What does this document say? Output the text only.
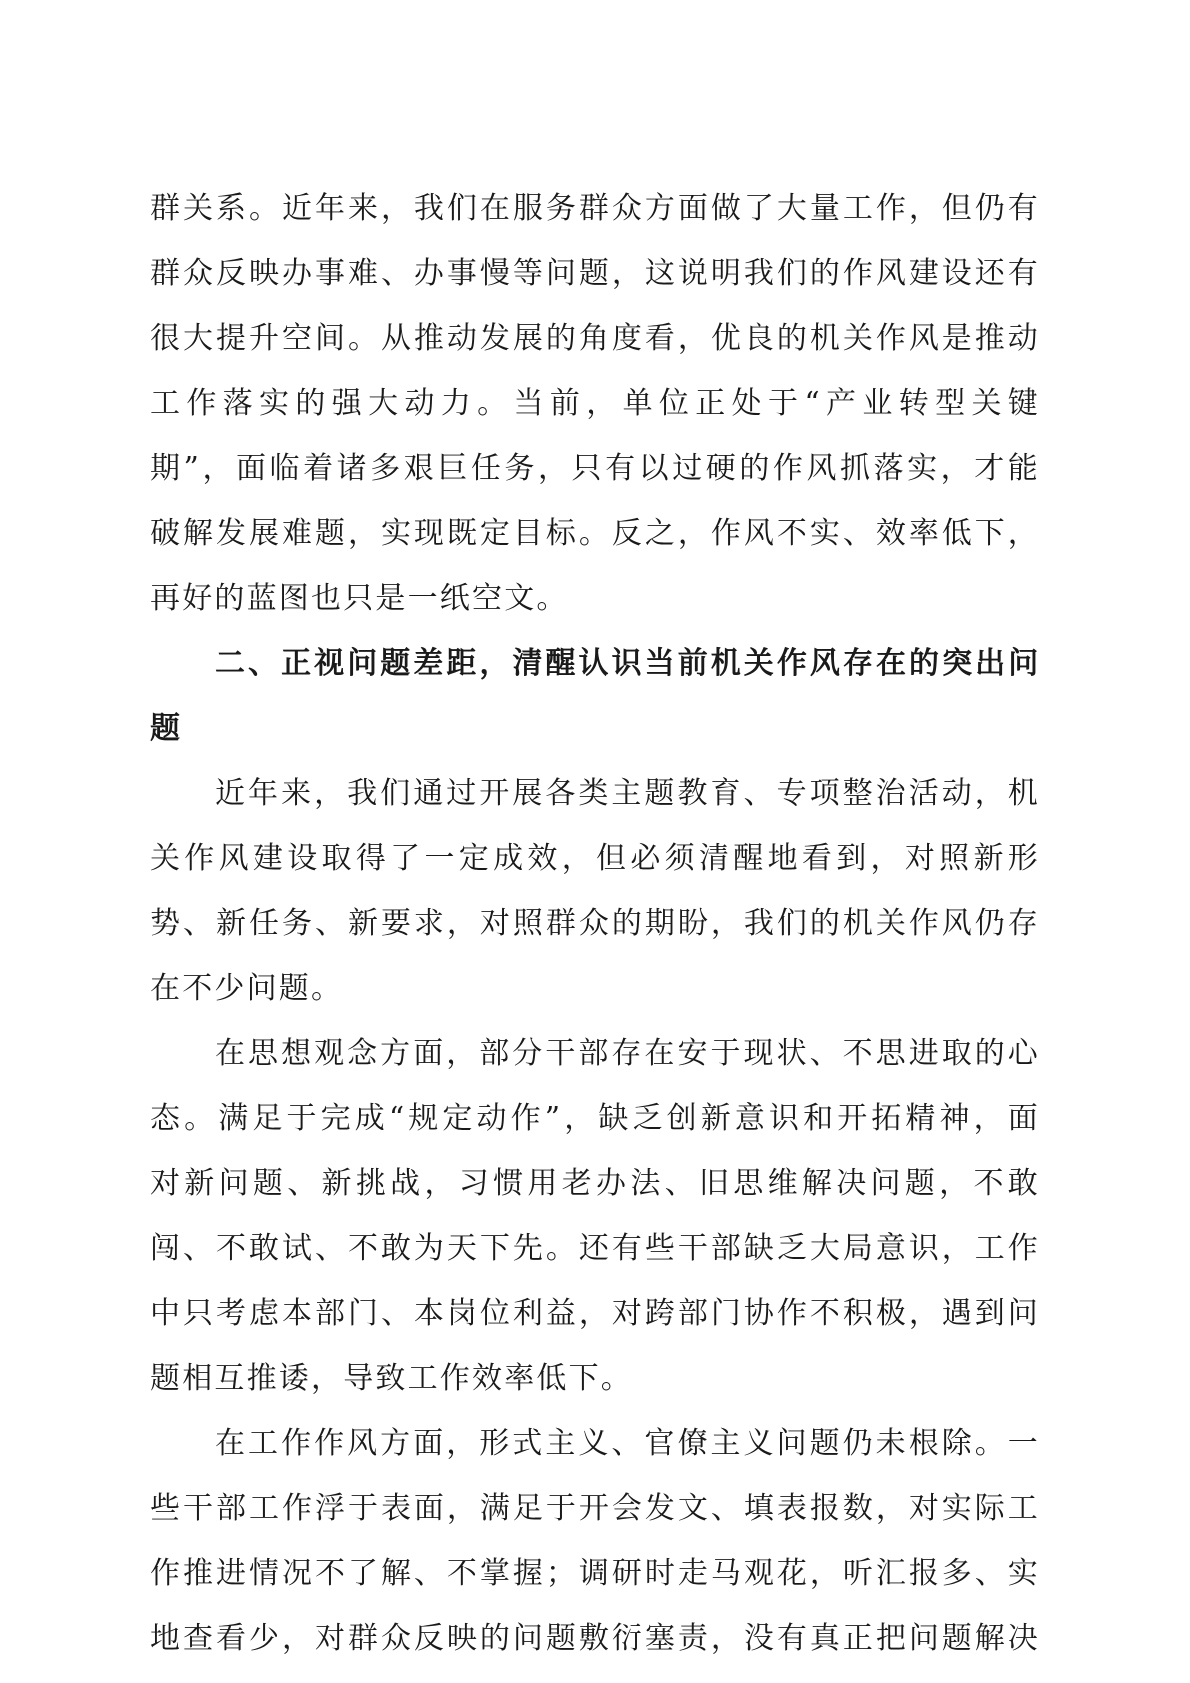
群关系。近年来，我们在服务群众方面做了大量工作，但仍有
群众反映办事难、办事慢等问题，这说明我们的作风建设还有
很大提升空间。从推动发展的角度看，优良的机关作风是推动
工作落实的强大动力。当前，单位正处于“产业转型关键
期”，面临着诸多艰巨任务，只有以过硬的作风抓落实，才能
破解发展难题，实现既定目标。反之，作风不实、效率低下，
再好的蓝图也只是一纸空文。
二、正视问题差距，清醒认识当前机关作风存在的突出问
题
近年来，我们通过开展各类主题教育、专项整治活动，机
关作风建设取得了一定成效，但必须清醒地看到，对照新形
势、新任务、新要求，对照群众的期盼，我们的机关作风仍存
在不少问题。
在思想观念方面，部分干部存在安于现状、不思进取的心
态。满足于完成“规定动作”，缺乏创新意识和开拓精神，面
对新问题、新挑战，习惯用老办法、旧思维解决问题，不敢
闯、不敢试、不敢为天下先。还有些干部缺乏大局意识，工作
中只考虑本部门、本岗位利益，对跨部门协作不积极，遇到问
题相互推诿，导致工作效率低下。
在工作作风方面，形式主义、官僚主义问题仍未根除。一
些干部工作浮于表面，满足于开会发文、填表报数，对实际工
作推进情况不了解、不掌握；调研时走马观花，听汇报多、实
地查看少，对群众反映的问题敷衍塞责，没有真正把问题解决
